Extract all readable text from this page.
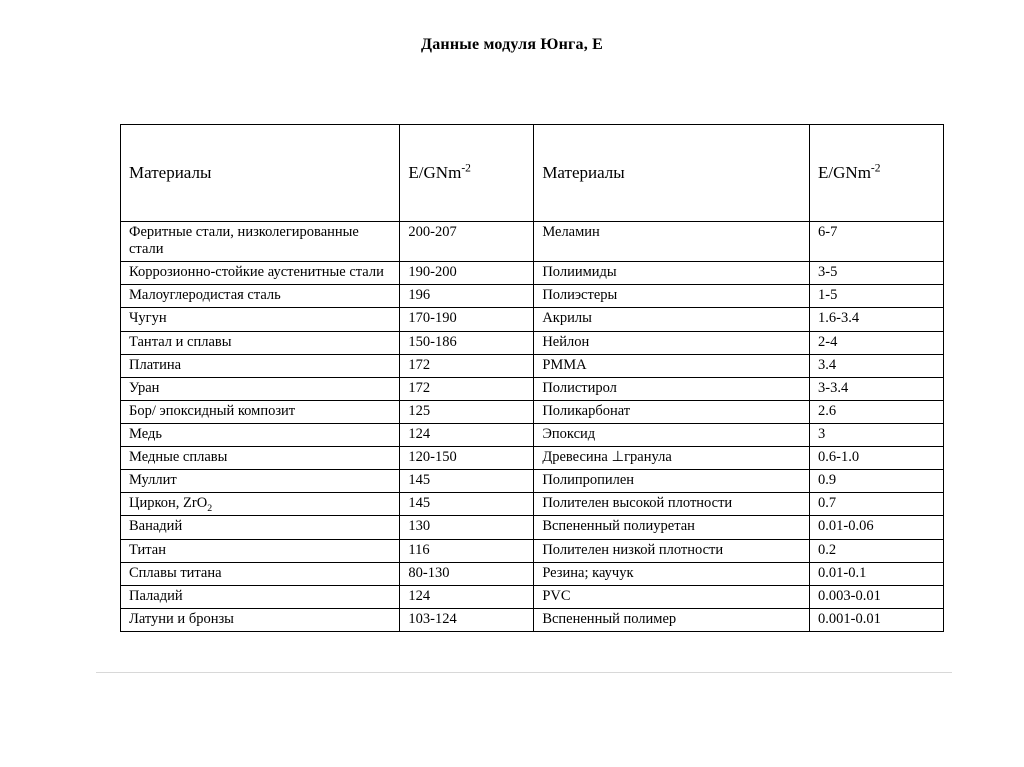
Данные модуля Юнга, E
Материалы	E/GNm$^{-2}$	Материалы	E/GNm$^{-2}$
Феритные стали, низколегированные стали	200-207	Меламин	6-7
Коррозионно-стойкие аустенитные стали	190-200	Полиимиды	3-5
Малоуглеродистая сталь	196	Полиэстеры	1-5
Чугун	170-190	Акрилы	1.6-3.4
Тантал и сплавы	150-186	Нейлон	2-4
Платина	172	PMMA	3.4
Уран	172	Полистирол	3-3.4
Бор/ эпоксидный композит	125	Поликарбонат	2.6
Медь	124	Эпоксид	3
Медные сплавы	120-150	Древесина ⊥гранула	0.6-1.0
Муллит	145	Полипропилен	0.9
Циркон, ZrO$_2$	145	Полителен высокой плотности	0.7
Ванадий	130	Вспененный полиуретан	0.01-0.06
Титан	116	Полителен низкой плотности	0.2
Сплавы титана	80-130	Резина; каучук	0.01-0.1
Паладий	124	PVC	0.003-0.01
Латуни и бронзы	103-124	Вспененный полимер	0.001-0.01
